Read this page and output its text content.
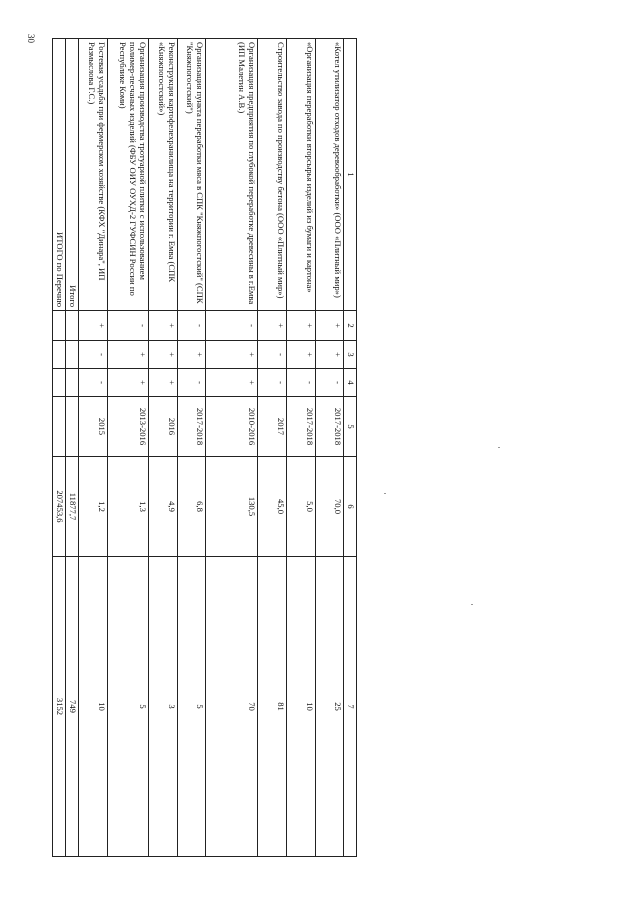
30
1	2	3	4	5	6	7
«Котел утилизатор отходов деревообработки» (ООО «Плитный мир»)	+	+	-	2017-2018	70,0	25
«Организация переработки вторсырья изделий из бумаги и картона»	+	+	-	2017-2018	5,0	10
Строительство завода по производству бетона (ООО «Плитный мир»)	+	-	-	2017	45,0	81
Организация предприятия по глубокой переработке древесины в г.Емва (ИП Малетин А.В.)	-	+	+	2010-2016	130,5	70
Организация пункта переработки мяса в СПК "Княжпогостский" (СПК "Княжпогостский")	-	+	-	2017-2018	6,8	5
Реконструкция картофелехранилища на территории г. Емва (СПК «Княжпогостский»)	+	+	+	2016	4,9	3
Организация производства тротуарной плитки с использованием полимер-песчаных изделий (ФБУ ОИУ ОУХД-2 ГУФСИН России по Республике Коми)	-	+	+	2013-2016	1,3	5
Гостевая усадьба при фермерском хозяйстве (КФХ "Динара", ИП Размыслова Г.С.)	+	-	-	2015	1,2	10
Итого					11877,7	749
ИТОГО по Перечню					207453,6	3152
